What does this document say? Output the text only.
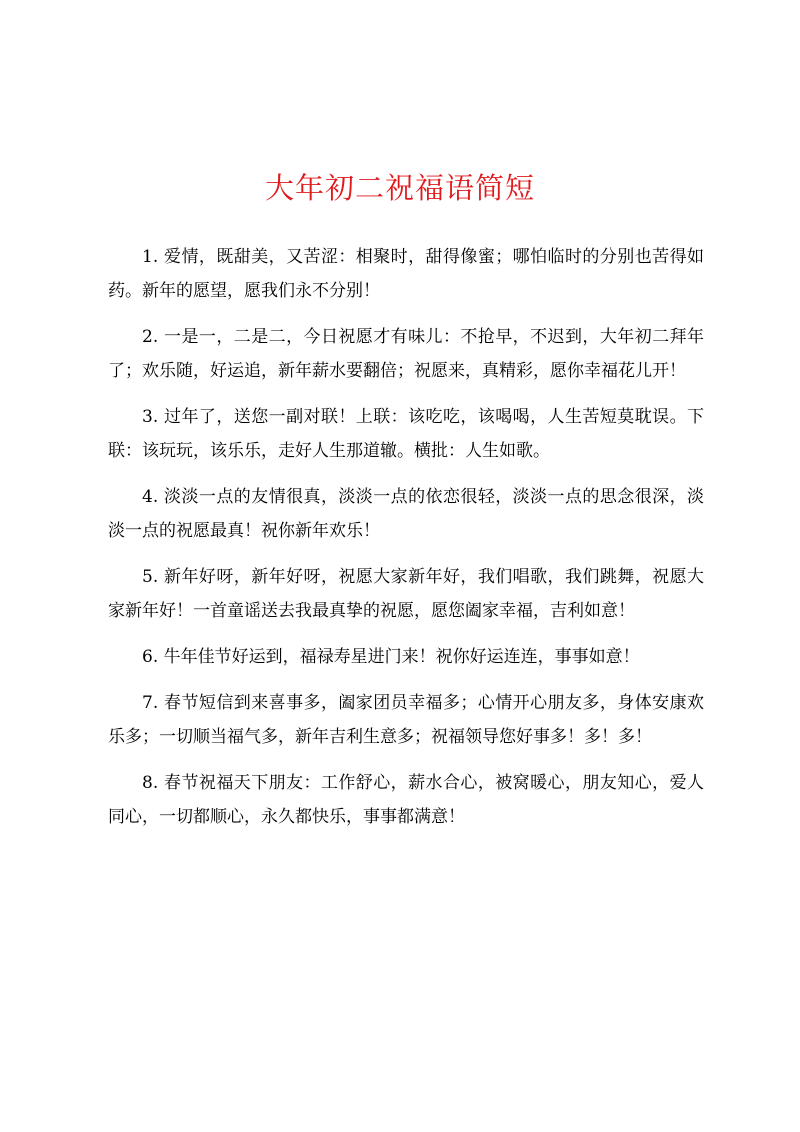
大年初二祝福语简短

1. 爱情，既甜美，又苦涩：相聚时，甜得像蜜；哪怕临时的分别也苦得如药。新年的愿望，愿我们永不分别！

2. 一是一，二是二，今日祝愿才有味儿：不抢早，不迟到，大年初二拜年了；欢乐随，好运追，新年薪水要翻倍；祝愿来，真精彩，愿你幸福花儿开！

3. 过年了，送您一副对联！上联：该吃吃，该喝喝，人生苦短莫耽误。下联：该玩玩，该乐乐，走好人生那道辙。横批：人生如歌。

4. 淡淡一点的友情很真，淡淡一点的依恋很轻，淡淡一点的思念很深，淡淡一点的祝愿最真！祝你新年欢乐！

5. 新年好呀，新年好呀，祝愿大家新年好，我们唱歌，我们跳舞，祝愿大家新年好！一首童谣送去我最真挚的祝愿，愿您阖家幸福，吉利如意！

6. 牛年佳节好运到，福禄寿星进门来！祝你好运连连，事事如意！

7. 春节短信到来喜事多，阖家团员幸福多；心情开心朋友多，身体安康欢乐多；一切顺当福气多，新年吉利生意多；祝福领导您好事多！多！多！

8. 春节祝福天下朋友：工作舒心，薪水合心，被窝暖心，朋友知心，爱人同心，一切都顺心，永久都快乐，事事都满意！
